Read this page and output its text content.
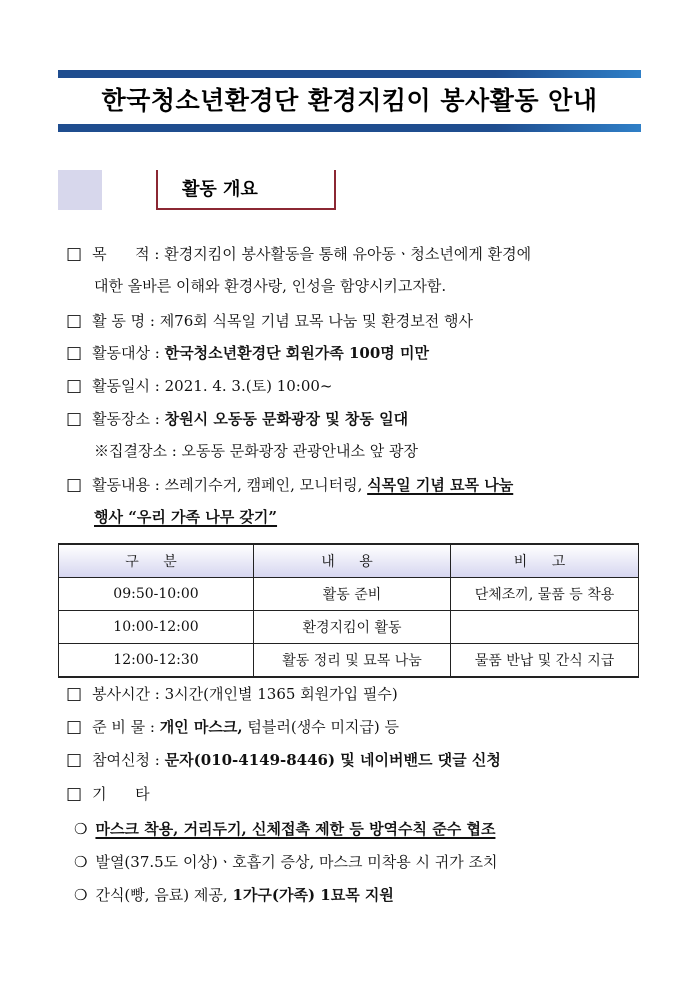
한국청소년환경단 환경지킴이 봉사활동 안내
활동 개요
□ 목      적 : 환경지킴이 봉사활동을 통해 유아동ㆍ청소년에게 환경에
대한 올바른 이해와 환경사랑, 인성을 함양시키고자함.
□ 활 동 명 : 제76회 식목일 기념 묘목 나눔 및 환경보전 행사
□ 활동대상 : 한국청소년환경단 회원가족 100명 미만
□ 활동일시 : 2021. 4. 3.(토) 10:00~
□ 활동장소 : 창원시 오동동 문화광장 및 창동 일대
※집결장소 : 오동동 문화광장 관광안내소 앞 광장
□ 활동내용 : 쓰레기수거, 캠페인, 모니터링, 식목일 기념 묘목 나눔
행사 “우리 가족 나무 갖기”
구 분	내 용	비 고
09:50-10:00	활동 준비	단체조끼, 물품 등 착용
10:00-12:00	환경지킴이 활동	
12:00-12:30	활동 정리 및 묘목 나눔	물품 반납 및 간식 지급
□ 봉사시간 : 3시간(개인별 1365 회원가입 필수)
□ 준 비 물 : 개인 마스크, 텀블러(생수 미지급) 등
□ 참여신청 : 문자(010-4149-8446) 및 네이버밴드 댓글 신청
□ 기      타
❍ 마스크 착용, 거리두기, 신체접촉 제한 등 방역수칙 준수 협조
❍ 발열(37.5도 이상)ㆍ호흡기 증상, 마스크 미착용 시 귀가 조치
❍ 간식(빵, 음료) 제공, 1가구(가족) 1묘목 지원
